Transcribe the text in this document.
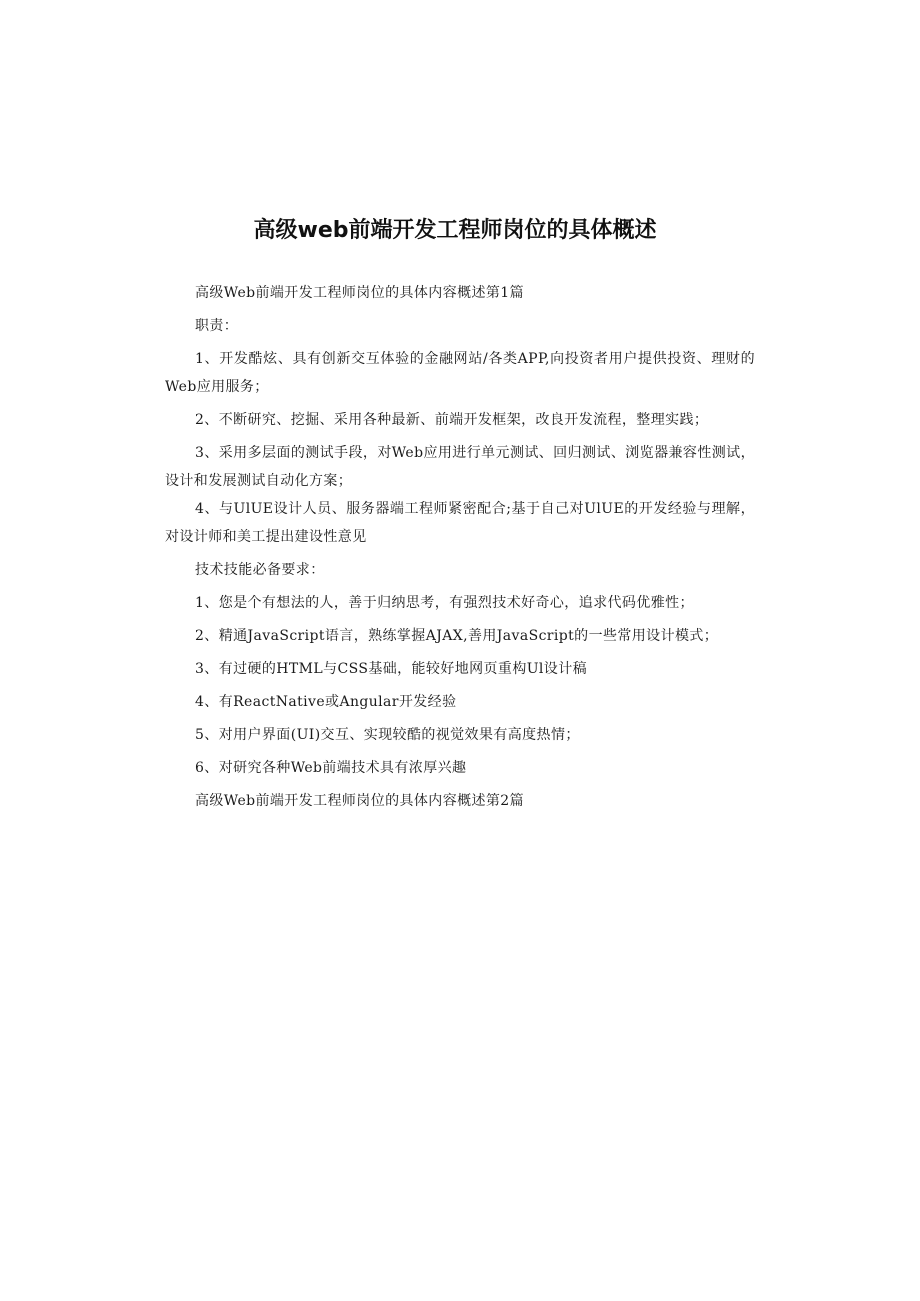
高级web前端开发工程师岗位的具体概述

高级Web前端开发工程师岗位的具体内容概述第1篇

职责：

1、开发酷炫、具有创新交互体验的金融网站/各类APP,向投资者用户提供投资、理财的Web应用服务；

2、不断研究、挖掘、采用各种最新、前端开发框架，改良开发流程，整理实践；

3、采用多层面的测试手段，对Web应用进行单元测试、回归测试、浏览器兼容性测试，设计和发展测试自动化方案；

4、与UlUE设计人员、服务器端工程师紧密配合;基于自己对UlUE的开发经验与理解，对设计师和美工提出建设性意见

技术技能必备要求：

1、您是个有想法的人，善于归纳思考，有强烈技术好奇心，追求代码优雅性；

2、精通JavaScript语言，熟练掌握AJAX,善用JavaScript的一些常用设计模式；

3、有过硬的HTML与CSS基础，能较好地网页重构Ul设计稿

4、有ReactNative或Angular开发经验

5、对用户界面(UI)交互、实现较酷的视觉效果有高度热情；

6、对研究各种Web前端技术具有浓厚兴趣

高级Web前端开发工程师岗位的具体内容概述第2篇
